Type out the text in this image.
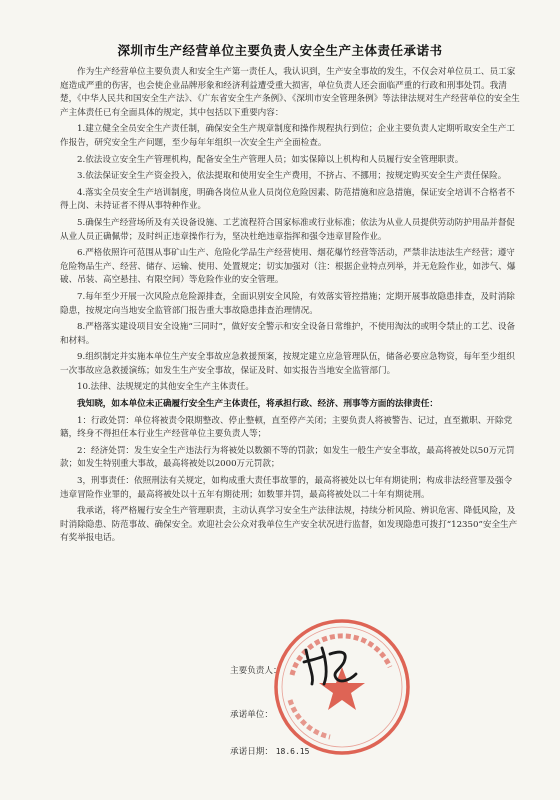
深圳市生产经营单位主要负责人安全生产主体责任承诺书

作为生产经营单位主要负责人和安全生产第一责任人，我认识到，生产安全事故的发生，不仅会对单位员工、员工家庭造成严重的伤害，也会使企业品牌形象和经济利益遭受重大损害，单位负责人还会面临严重的行政和刑事处罚。我清楚，《中华人民共和国安全生产法》、《广东省安全生产条例》、《深圳市安全管理条例》等法律法规对生产经营单位的安全生产主体责任已有全面具体的规定，其中包括以下重要内容：

1.建立健全全员安全生产责任制，确保安全生产规章制度和操作规程执行到位；企业主要负责人定期听取安全生产工作报告，研究安全生产问题，至少每年年组织一次安全生产全面检查。

2.依法设立安全生产管理机构，配备安全生产管理人员；如实保障以上机构和人员履行安全管理职责。

3.依法保证安全生产资金投入，依法提取和使用安全生产费用，不挤占、不挪用；按规定购买安全生产责任保险。

4.落实全员安全生产培训制度，明确各岗位从业人员岗位危险因素、防范措施和应急措施，保证安全培训不合格者不得上岗、未持证者不得从事特种作业。

5.确保生产经营场所及有关设备设施、工艺流程符合国家标准或行业标准；依法为从业人员提供劳动防护用品并督促从业人员正确佩带；及时纠正违章操作行为，坚决杜绝违章指挥和强令违章冒险作业。

6.严格依照许可范围从事矿山生产、危险化学品生产经营使用、烟花爆竹经营等活动，严禁非法违法生产经营；遵守危险物品生产、经营、储存、运输、使用、处置规定；切实加强对（注：根据企业特点列举，并无危险作业，如涉气、爆破、吊装、高空悬挂、有限空间）等危险作业的安全管理。

7.每年至少开展一次风险点危险源排查，全面识别安全风险，有效落实管控措施；定期开展事故隐患排查，及时消除隐患，按规定向当地安全监管部门报告重大事故隐患排查治理情况。

8.严格落实建设项目安全设施“三同时”，做好安全警示和安全设备日常维护，不使用淘汰的或明令禁止的工艺、设备和材料。

9.组织制定并实施本单位生产安全事故应急救援预案，按规定建立应急管理队伍，储备必要应急物资，每年至少组织一次事故应急救援演练；如发生生产安全事故，保证及时、如实报告当地安全监管部门。

10.法律、法规规定的其他安全生产主体责任。

我知晓，如本单位未正确履行安全生产主体责任，将承担行政、经济、刑事等方面的法律责任：

1：行政处罚：单位将被责令限期整改、停止整顿，直至停产关闭；主要负责人将被警告、记过，直至撤职、开除党籍，终身不得担任本行业生产经营单位主要负责人等；

2：经济处罚：发生安全生产违法行为将被处以数额不等的罚款；如发生一般生产安全事故，最高将被处以50万元罚款；如发生特别重大事故，最高将被处以2000万元罚款；

3，刑事责任：依照刑法有关规定，如构成重大责任事故罪的，最高将被处以七年有期徒刑；构成非法经营罪及强令违章冒险作业罪的，最高将被处以十五年有期徒刑；如数罪并罚，最高将被处以二十年有期徒刑。

我承诺，将严格履行安全生产管理职责，主动认真学习安全生产法律法规，持续分析风险、辨识危害、降低风险，及时消除隐患、防范事故、确保安全。欢迎社会公众对我单位生产安全状况进行监督，如发现隐患可拨打“12350”安全生产有奖举报电话。

主要负责人：
承诺单位：
承诺日期： 18.6.15
